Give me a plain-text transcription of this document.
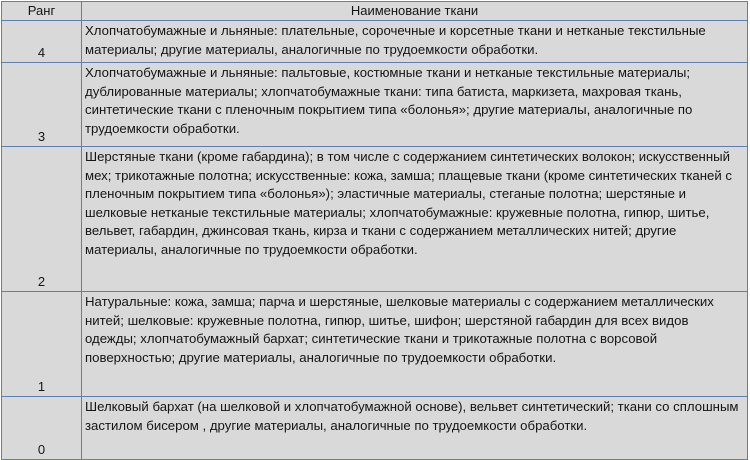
Ранг	Наименование ткани
4	Хлопчатобумажные и льняные: плательные, сорочечные и корсетные ткани и нетканые текстильные материалы; другие материалы, аналогичные по трудоемкости обработки.
3	Хлопчатобумажные и льняные: пальтовые, костюмные ткани и нетканые текстильные материалы; дублированные материалы; хлопчатобумажные ткани: типа батиста, маркизета, махровая ткань, синтетические ткани с пленочным покрытием типа «болонья»; другие материалы, аналогичные по трудоемкости обработки.
2	Шерстяные ткани (кроме габардина); в том числе с содержанием синтетических волокон; искусственный мех; трикотажные полотна; искусственные: кожа, замша; плащевые ткани (кроме синтетических тканей с пленочным покрытием типа «болонья»); эластичные материалы, стеганые полотна; шерстяные и шелковые нетканые текстильные материалы; хлопчатобумажные: кружевные полотна, гипюр, шитье, вельвет, габардин, джинсовая ткань, кирза и ткани с содержанием металлических нитей; другие материалы, аналогичные по трудоемкости обработки.
1	Натуральные: кожа, замша; парча и шерстяные, шелковые материалы с содержанием металлических нитей; шелковые: кружевные полотна, гипюр, шитье, шифон; шерстяной габардин для всех видов одежды; хлопчатобумажный бархат; синтетические ткани и трикотажные полотна с ворсовой поверхностью; другие материалы, аналогичные по трудоемкости обработки.
0	Шелковый бархат (на шелковой и хлопчатобумажной основе), вельвет синтетический; ткани со сплошным застилом бисером , другие материалы, аналогичные по трудоемкости обработки.
